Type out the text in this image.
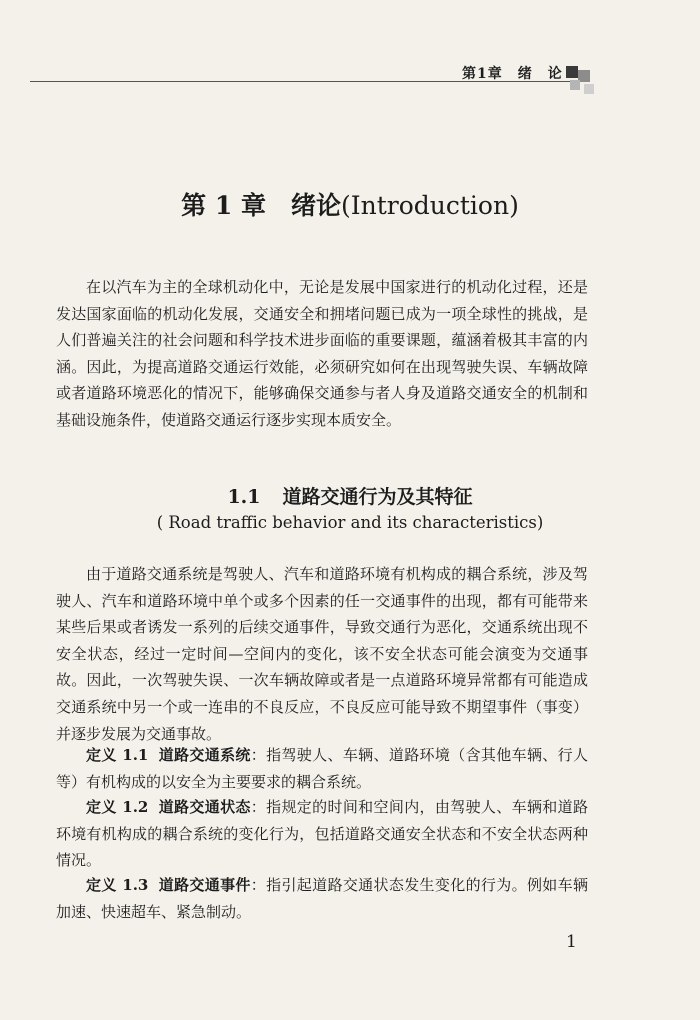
第1章　绪　论
第 1 章　绪论(Introduction)

在以汽车为主的全球机动化中，无论是发展中国家进行的机动化过程，还是发达国家面临的机动化发展，交通安全和拥堵问题已成为一项全球性的挑战，是人们普遍关注的社会问题和科学技术进步面临的重要课题，蕴涵着极其丰富的内涵。因此，为提高道路交通运行效能，必须研究如何在出现驾驶失误、车辆故障或者道路环境恶化的情况下，能够确保交通参与者人身及道路交通安全的机制和基础设施条件，使道路交通运行逐步实现本质安全。

1.1 道路交通行为及其特征
( Road traffic behavior and its characteristics)

由于道路交通系统是驾驶人、汽车和道路环境有机构成的耦合系统，涉及驾驶人、汽车和道路环境中单个或多个因素的任一交通事件的出现，都有可能带来某些后果或者诱发一系列的后续交通事件，导致交通行为恶化，交通系统出现不安全状态，经过一定时间—空间内的变化，该不安全状态可能会演变为交通事故。因此，一次驾驶失误、一次车辆故障或者是一点道路环境异常都有可能造成交通系统中另一个或一连串的不良反应，不良反应可能导致不期望事件（事变）并逐步发展为交通事故。

定义 1.1 道路交通系统：指驾驶人、车辆、道路环境（含其他车辆、行人等）有机构成的以安全为主要要求的耦合系统。

定义 1.2 道路交通状态：指规定的时间和空间内，由驾驶人、车辆和道路环境有机构成的耦合系统的变化行为，包括道路交通安全状态和不安全状态两种情况。

定义 1.3 道路交通事件：指引起道路交通状态发生变化的行为。例如车辆加速、快速超车、紧急制动。

1
